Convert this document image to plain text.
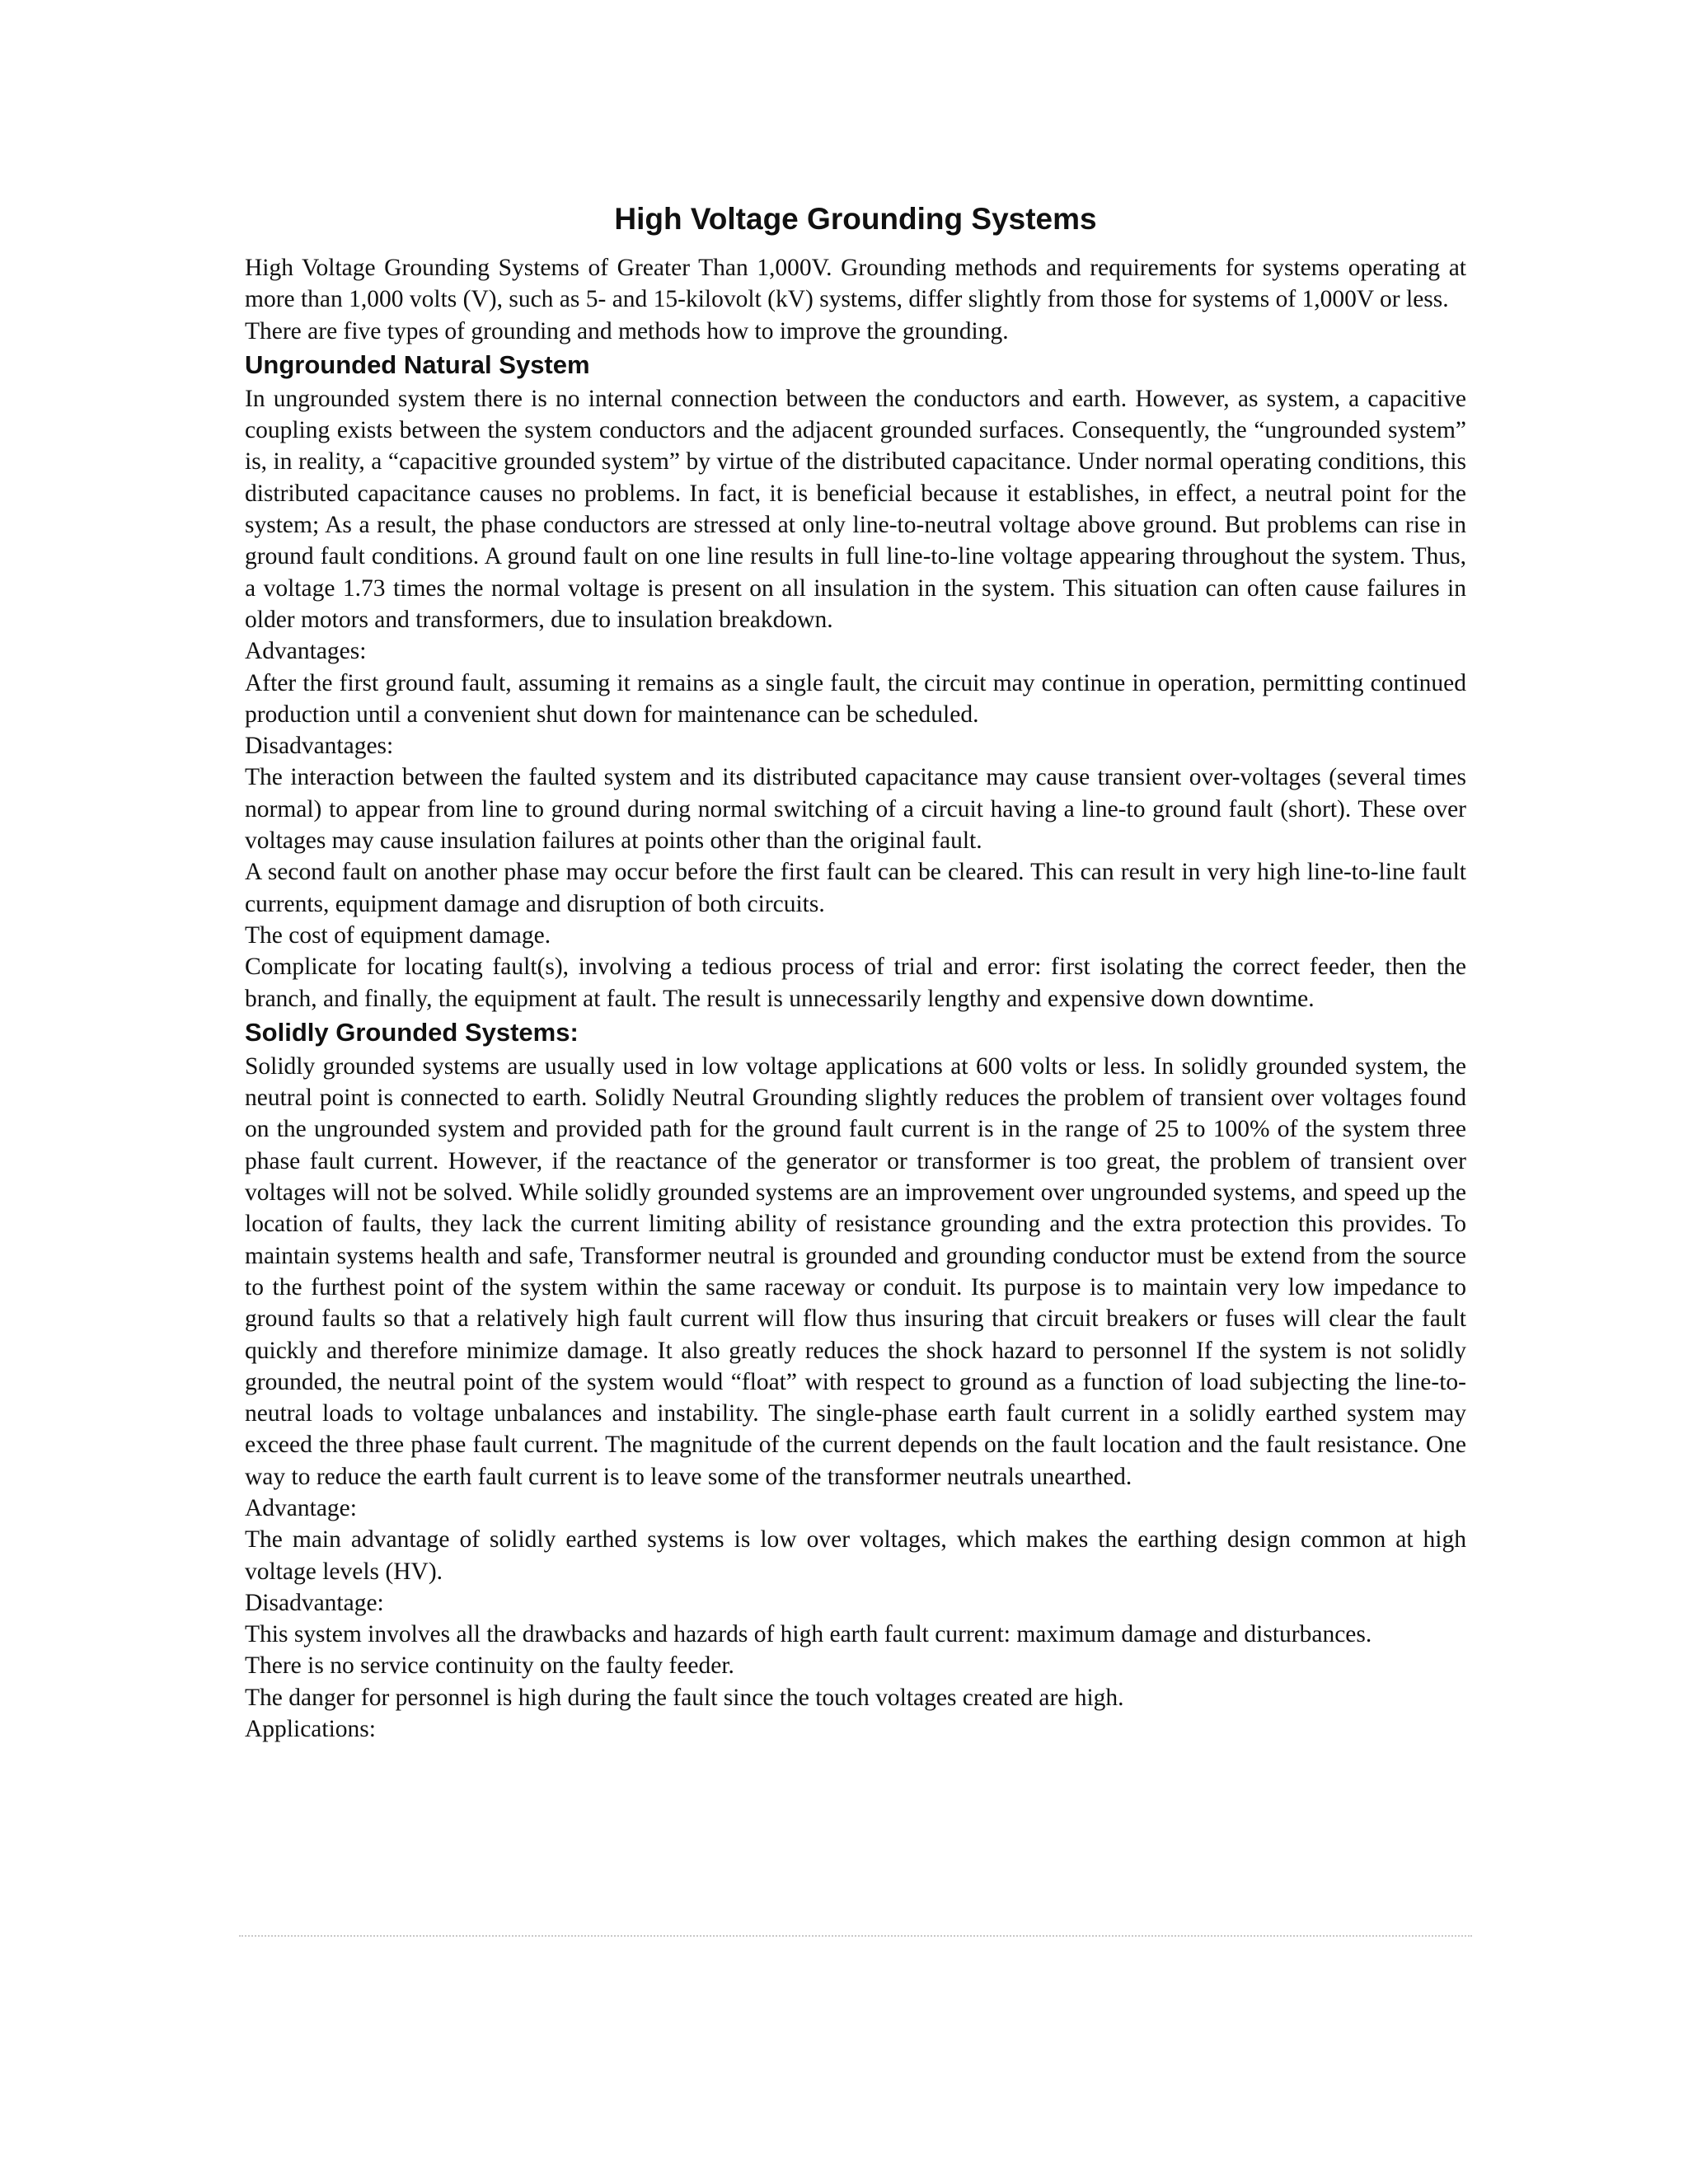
High Voltage Grounding Systems

High Voltage Grounding Systems of Greater Than 1,000V. Grounding methods and requirements for systems operating at more than 1,000 volts (V), such as 5- and 15-kilovolt (kV) systems, differ slightly from those for systems of 1,000V or less.

There are five types of grounding and methods how to improve the grounding.

Ungrounded Natural System

In ungrounded system there is no internal connection between the conductors and earth. However, as system, a capacitive coupling exists between the system conductors and the adjacent grounded surfaces. Consequently, the “ungrounded system” is, in reality, a “capacitive grounded system” by virtue of the distributed capacitance. Under normal operating conditions, this distributed capacitance causes no problems. In fact, it is beneficial because it establishes, in effect, a neutral point for the system; As a result, the phase conductors are stressed at only line-to-neutral voltage above ground. But problems can rise in ground fault conditions. A ground fault on one line results in full line-to-line voltage appearing throughout the system. Thus, a voltage 1.73 times the normal voltage is present on all insulation in the system. This situation can often cause failures in older motors and transformers, due to insulation breakdown.

Advantages:

After the first ground fault, assuming it remains as a single fault, the circuit may continue in operation, permitting continued production until a convenient shut down for maintenance can be scheduled.

Disadvantages:

The interaction between the faulted system and its distributed capacitance may cause transient over-voltages (several times normal) to appear from line to ground during normal switching of a circuit having a line-to ground fault (short). These over voltages may cause insulation failures at points other than the original fault.

A second fault on another phase may occur before the first fault can be cleared. This can result in very high line-to-line fault currents, equipment damage and disruption of both circuits.

The cost of equipment damage.

Complicate for locating fault(s), involving a tedious process of trial and error: first isolating the correct feeder, then the branch, and finally, the equipment at fault. The result is unnecessarily lengthy and expensive down downtime.

Solidly Grounded Systems:

Solidly grounded systems are usually used in low voltage applications at 600 volts or less. In solidly grounded system, the neutral point is connected to earth. Solidly Neutral Grounding slightly reduces the problem of transient over voltages found on the ungrounded system and provided path for the ground fault current is in the range of 25 to 100% of the system three phase fault current. However, if the reactance of the generator or transformer is too great, the problem of transient over voltages will not be solved. While solidly grounded systems are an improvement over ungrounded systems, and speed up the location of faults, they lack the current limiting ability of resistance grounding and the extra protection this provides. To maintain systems health and safe, Transformer neutral is grounded and grounding conductor must be extend from the source to the furthest point of the system within the same raceway or conduit. Its purpose is to maintain very low impedance to ground faults so that a relatively high fault current will flow thus insuring that circuit breakers or fuses will clear the fault quickly and therefore minimize damage. It also greatly reduces the shock hazard to personnel If the system is not solidly grounded, the neutral point of the system would “float” with respect to ground as a function of load subjecting the line-to-neutral loads to voltage unbalances and instability. The single-phase earth fault current in a solidly earthed system may exceed the three phase fault current. The magnitude of the current depends on the fault location and the fault resistance. One way to reduce the earth fault current is to leave some of the transformer neutrals unearthed.

Advantage:

The main advantage of solidly earthed systems is low over voltages, which makes the earthing design common at high voltage levels (HV).

Disadvantage:

This system involves all the drawbacks and hazards of high earth fault current: maximum damage and disturbances.

There is no service continuity on the faulty feeder.

The danger for personnel is high during the fault since the touch voltages created are high.

Applications:
